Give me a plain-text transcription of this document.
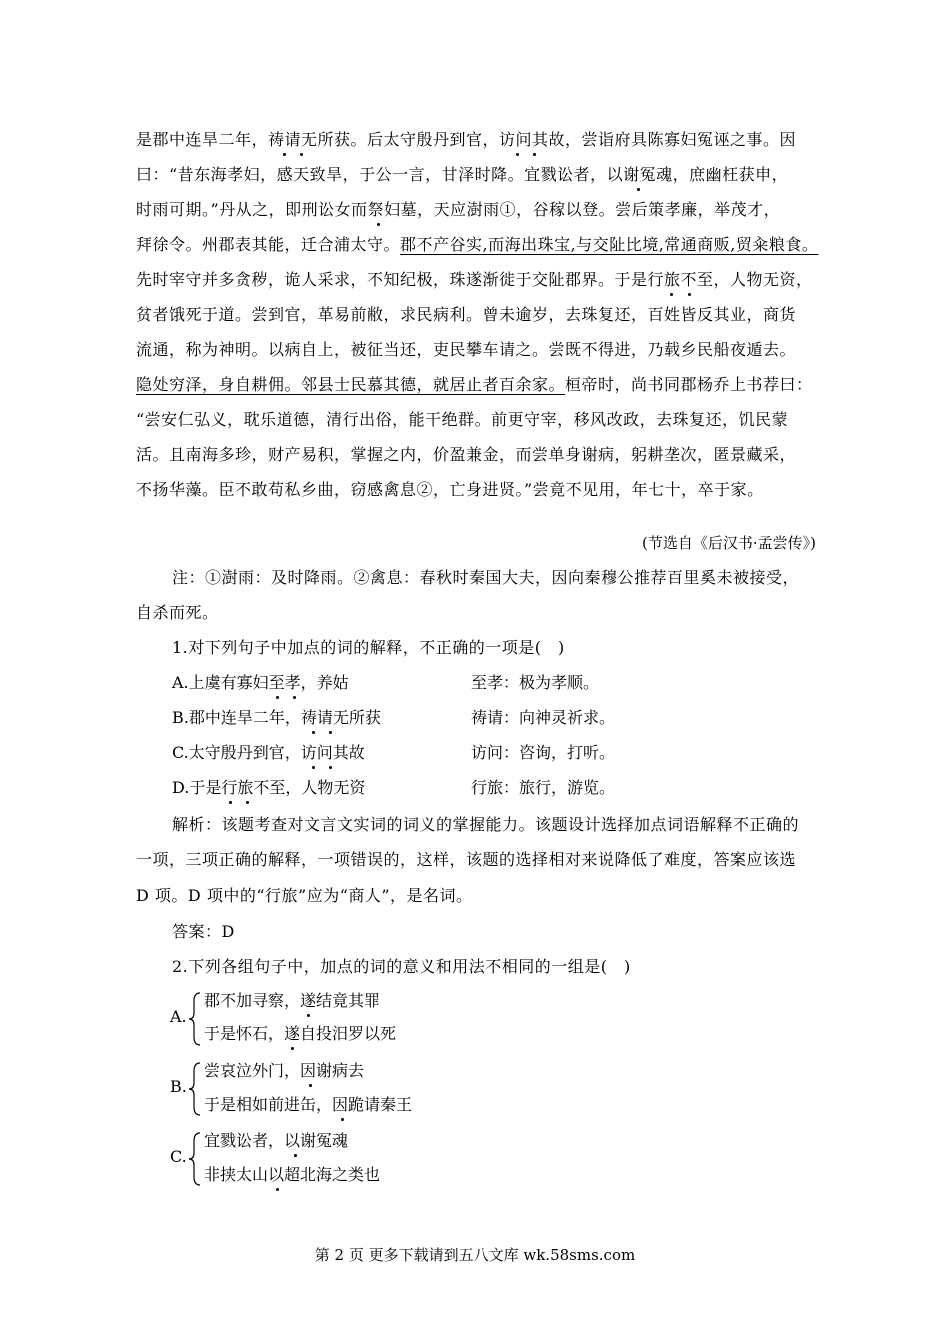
是郡中连旱二年，祷请无所获。后太守殷丹到官，访问其故，尝诣府具陈寡妇冤诬之事。因
曰：“昔东海孝妇，感天致旱，于公一言，甘泽时降。宜戮讼者，以谢冤魂，庶幽枉获申，
时雨可期。”丹从之，即刑讼女而祭妇墓，天应澍雨①，谷稼以登。尝后策孝廉，举茂才，
拜徐令。州郡表其能，迁合浦太守。郡不产谷实,而海出珠宝,与交阯比境,常通商贩,贸籴粮食。
先时宰守并多贪秽，诡人采求，不知纪极，珠遂渐徙于交阯郡界。于是行旅不至，人物无资，
贫者饿死于道。尝到官，革易前敝，求民病利。曾未逾岁，去珠复还，百姓皆反其业，商货
流通，称为神明。以病自上，被征当还，吏民攀车请之。尝既不得进，乃载乡民船夜遁去。
隐处穷泽，身自耕佣。邻县士民慕其德，就居止者百余家。桓帝时，尚书同郡杨乔上书荐曰：
“尝安仁弘义，耽乐道德，清行出俗，能干绝群。前更守宰，移风改政，去珠复还，饥民蒙
活。且南海多珍，财产易积，掌握之内，价盈兼金，而尝单身谢病，躬耕垄次，匿景藏采，
不扬华藻。臣不敢苟私乡曲，窃感禽息②，亡身进贤。”尝竟不见用，年七十，卒于家。
(节选自《后汉书·孟尝传》)
注：①澍雨：及时降雨。②禽息：春秋时秦国大夫，因向秦穆公推荐百里奚未被接受，
自杀而死。
1.对下列句子中加点的词的解释，不正确的一项是(　)
A.上虞有寡妇至孝，养姑	至孝：极为孝顺。
B.郡中连旱二年，祷请无所获	祷请：向神灵祈求。
C.太守殷丹到官，访问其故	访问：咨询，打听。
D.于是行旅不至，人物无资	行旅：旅行，游览。
解析：该题考查对文言文实词的词义的掌握能力。该题设计选择加点词语解释不正确的
一项，三项正确的解释，一项错误的，这样，该题的选择相对来说降低了难度，答案应该选
D 项。D 项中的“行旅”应为“商人”，是名词。
答案：D
2.下列各组句子中，加点的词的意义和用法不相同的一组是(　)
A.
郡不加寻察，遂结竟其罪
于是怀石，遂自投汨罗以死
B.
尝哀泣外门，因谢病去
于是相如前进缶，因跪请秦王
C.
宜戮讼者，以谢冤魂
非挟太山以超北海之类也
第 2 页 更多下载请到五八文库 wk.58sms.com
